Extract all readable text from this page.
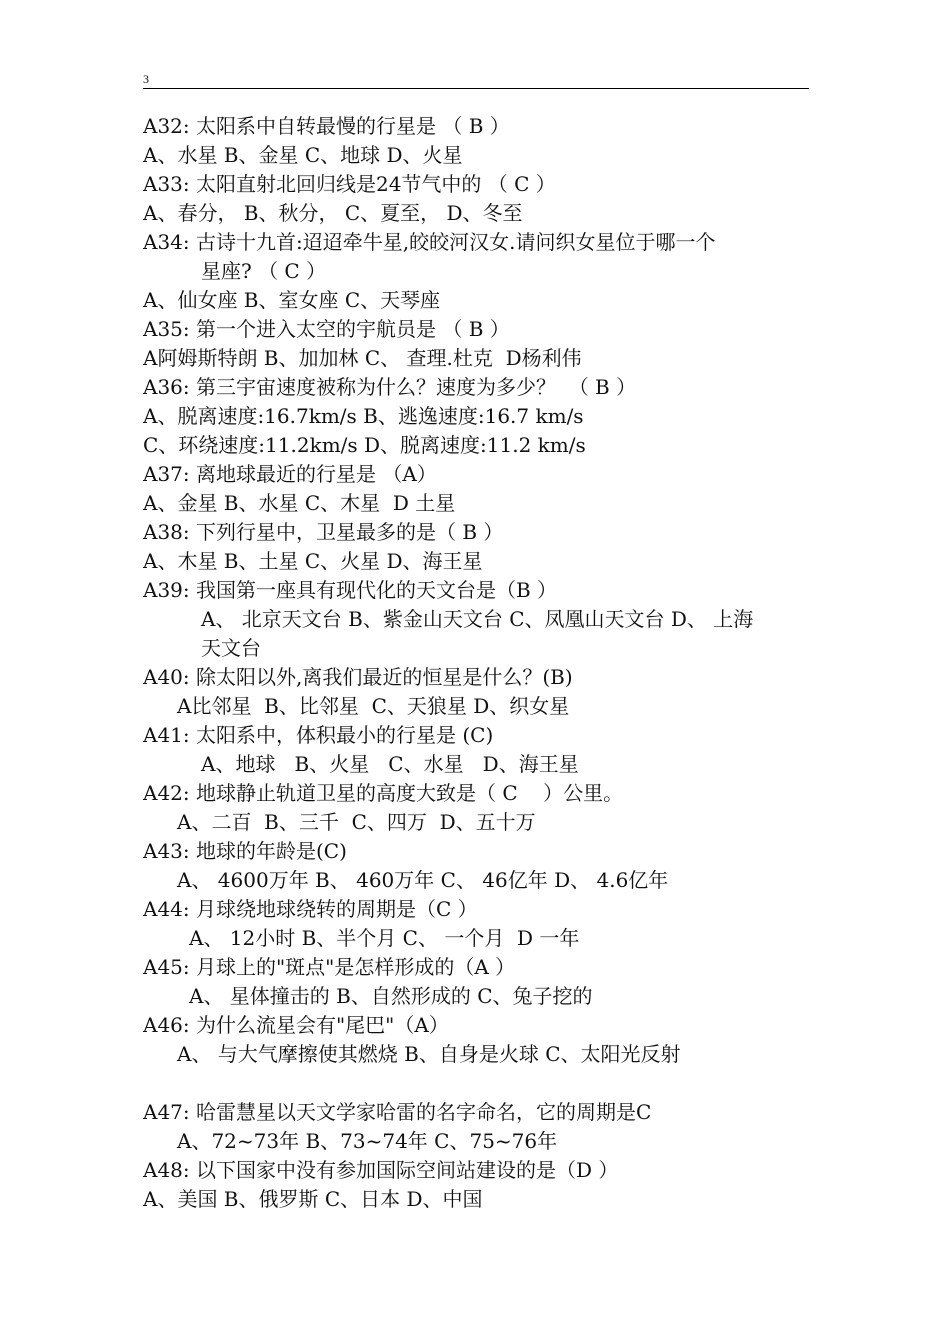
3
A32: 太阳系中自转最慢的行星是 （ B ）
A、水星 B、金星 C、地球 D、火星
A33: 太阳直射北回归线是24节气中的 （ C ）
A、春分， B、秋分， C、夏至， D、冬至
A34: 古诗十九首:迢迢牵牛星,皎皎河汉女.请问织女星位于哪一个
星座? （ C ）
A、仙女座 B、室女座 C、天琴座
A35: 第一个进入太空的宇航员是 （ B ）
A阿姆斯特朗 B、加加林 C、 查理.杜克  D杨利伟
A36: 第三宇宙速度被称为什么？速度为多少？  （ B ）
A、脱离速度:16.7km/s B、逃逸速度:16.7 km/s
C、环绕速度:11.2km/s D、脱离速度:11.2 km/s
A37: 离地球最近的行星是 （A）
A、金星 B、水星 C、木星  D 土星
A38: 下列行星中，卫星最多的是（ B ）
A、木星 B、土星 C、火星 D、海王星
A39: 我国第一座具有现代化的天文台是（B ）
A、 北京天文台 B、紫金山天文台 C、凤凰山天文台 D、 上海
天文台
A40: 除太阳以外,离我们最近的恒星是什么？(B)
A比邻星  B、比邻星  C、天狼星 D、织女星
A41: 太阳系中，体积最小的行星是 (C)
A、地球   B、火星   C、水星   D、海王星
A42: 地球静止轨道卫星的高度大致是（ C    ）公里。
A、二百  B、三千  C、四万  D、五十万
A43: 地球的年龄是(C)
A、 4600万年 B、 460万年 C、 46亿年 D、 4.6亿年
A44: 月球绕地球绕转的周期是（C ）
A、 12小时 B、半个月 C、 一个月  D 一年
A45: 月球上的"斑点"是怎样形成的（A ）
A、 星体撞击的 B、自然形成的 C、兔子挖的
A46: 为什么流星会有"尾巴"（A）
A、 与大气摩擦使其燃烧 B、自身是火球 C、太阳光反射
A47: 哈雷慧星以天文学家哈雷的名字命名，它的周期是C
A、72~73年 B、73~74年 C、75~76年
A48: 以下国家中没有参加国际空间站建设的是（D ）
A、美国 B、俄罗斯 C、日本 D、中国
